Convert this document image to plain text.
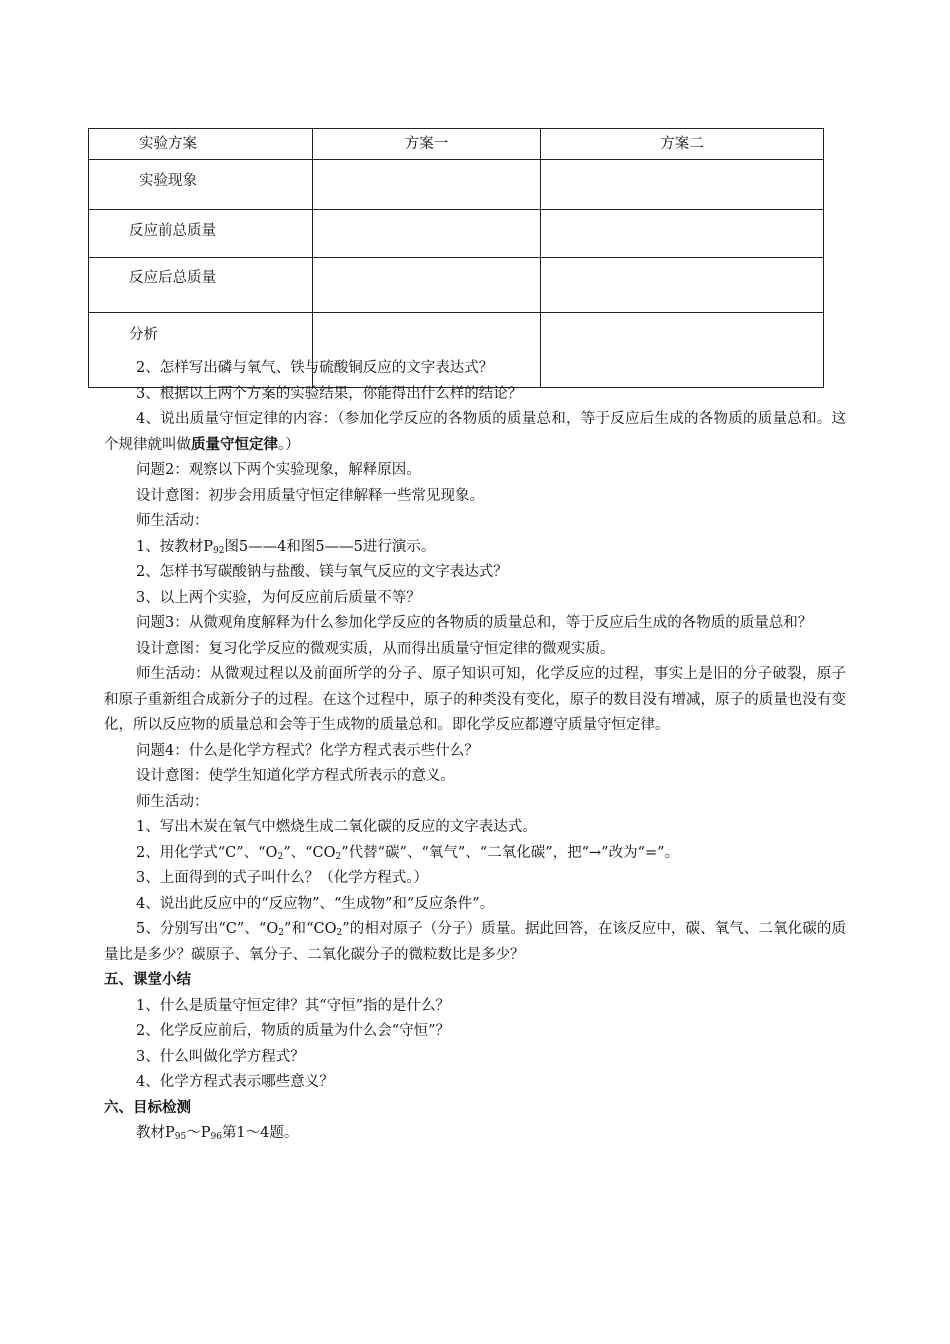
实验方案	方案一	方案二
实验现象		
反应前总质量		
反应后总质量		
分析		

2、怎样写出磷与氧气、铁与硫酸铜反应的文字表达式？

3、根据以上两个方案的实验结果，你能得出什么样的结论？

4、说出质量守恒定律的内容：（参加化学反应的各物质的质量总和，等于反应后生成的各物质的质量总和。这个规律就叫做质量守恒定律。）

问题2：观察以下两个实验现象，解释原因。

设计意图：初步会用质量守恒定律解释一些常见现象。

师生活动：

1、按教材$P_{92}$图5——4和图5——5进行演示。

2、怎样书写碳酸钠与盐酸、镁与氧气反应的文字表达式？

3、以上两个实验，为何反应前后质量不等？

问题3：从微观角度解释为什么参加化学反应的各物质的质量总和，等于反应后生成的各物质的质量总和？

设计意图：复习化学反应的微观实质，从而得出质量守恒定律的微观实质。

师生活动：从微观过程以及前面所学的分子、原子知识可知，化学反应的过程，事实上是旧的分子破裂，原子和原子重新组合成新分子的过程。在这个过程中，原子的种类没有变化，原子的数目没有增减，原子的质量也没有变化，所以反应物的质量总和会等于生成物的质量总和。即化学反应都遵守质量守恒定律。

问题4：什么是化学方程式？化学方程式表示些什么？

设计意图：使学生知道化学方程式所表示的意义。

师生活动：

1、写出木炭在氧气中燃烧生成二氧化碳的反应的文字表达式。

2、用化学式“C”、“$O_2$”、“$CO_2$”代替“碳”、“氧气”、“二氧化碳”，把“→”改为“=”。

3、上面得到的式子叫什么？（化学方程式。）

4、说出此反应中的“反应物”、“生成物”和“反应条件”。

5、分别写出“C”、“$O_2$”和“$CO_2$”的相对原子（分子）质量。据此回答，在该反应中，碳、氧气、二氧化碳的质量比是多少？碳原子、氧分子、二氧化碳分子的微粒数比是多少？

五、课堂小结

1、什么是质量守恒定律？其“守恒”指的是什么？

2、化学反应前后，物质的质量为什么会“守恒”？

3、什么叫做化学方程式？

4、化学方程式表示哪些意义？

六、目标检测

教材$P_{95}\sim P_{96}$第1～4题。
